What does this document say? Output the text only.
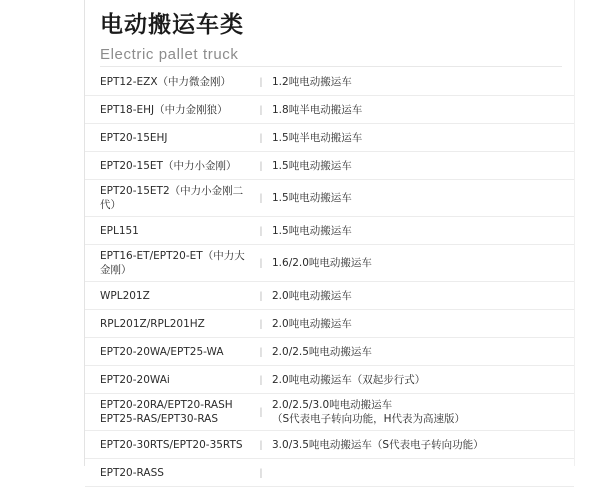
电动搬运车类
Electric pallet truck
EPT12-EZX（中力微金刚）	| 1.2吨电动搬运车
EPT18-EHJ（中力金刚狼）	| 1.8吨半电动搬运车
EPT20-15EHJ	| 1.5吨半电动搬运车
EPT20-15ET（中力小金刚）	| 1.5吨电动搬运车
EPT20-15ET2（中力小金刚二代）
| 1.5吨电动搬运车
EPL151	| 1.5吨电动搬运车
EPT16-ET/EPT20-ET（中力大金刚）
| 1.6/2.0吨电动搬运车
WPL201Z	| 2.0吨电动搬运车
RPL201Z/RPL201HZ	| 2.0吨电动搬运车
EPT20-20WA/EPT25-WA	| 2.0/2.5吨电动搬运车
EPT20-20WAi	| 2.0吨电动搬运车（双起步行式）
EPT20-20RA/EPT20-RASH
EPT25-RAS/EPT30-RAS
|
2.0/2.5/3.0吨电动搬运车
（S代表电子转向功能，H代表为高速版）
EPT20-30RTS/EPT20-35RTS	| 3.0/3.5吨电动搬运车（S代表电子转向功能）
EPT20-RASS	|
